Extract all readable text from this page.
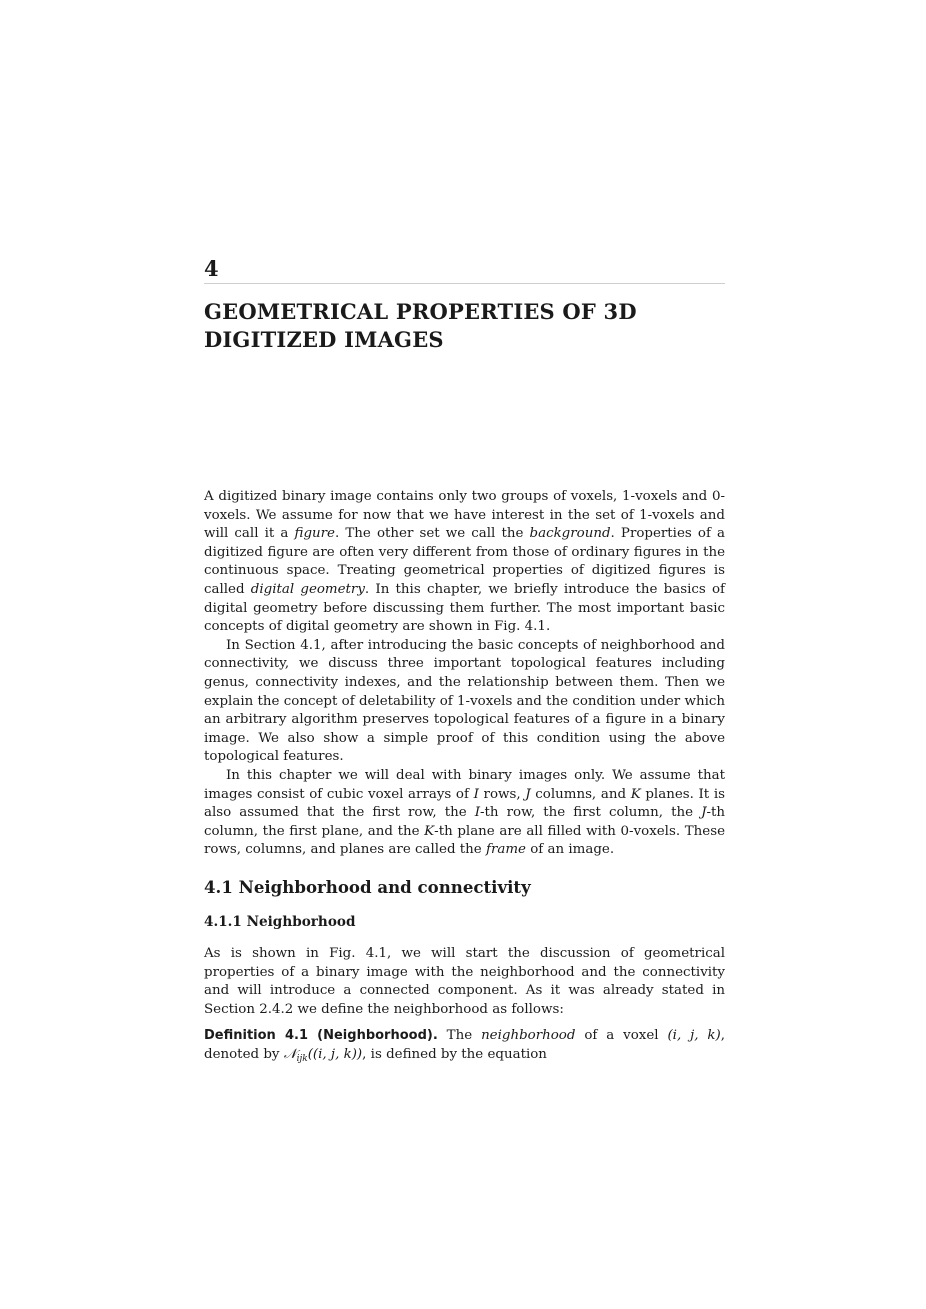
4
GEOMETRICAL PROPERTIES OF 3D
DIGITIZED IMAGES

A digitized binary image contains only two groups of voxels, 1-voxels and 0-voxels. We assume for now that we have interest in the set of 1-voxels and will call it a figure. The other set we call the background. Properties of a digitized figure are often very different from those of ordinary figures in the continuous space. Treating geometrical properties of digitized figures is called digital geometry. In this chapter, we briefly introduce the basics of digital geometry before discussing them further. The most important basic concepts of digital geometry are shown in Fig. 4.1.

In Section 4.1, after introducing the basic concepts of neighborhood and connectivity, we discuss three important topological features including genus, connectivity indexes, and the relationship between them. Then we explain the concept of deletability of 1-voxels and the condition under which an arbitrary algorithm preserves topological features of a figure in a binary image. We also show a simple proof of this condition using the above topological features.

In this chapter we will deal with binary images only. We assume that images consist of cubic voxel arrays of I rows, J columns, and K planes. It is also assumed that the first row, the I-th row, the first column, the J-th column, the first plane, and the K-th plane are all filled with 0-voxels. These rows, columns, and planes are called the frame of an image.

4.1 Neighborhood and connectivity
4.1.1 Neighborhood

As is shown in Fig. 4.1, we will start the discussion of geometrical properties of a binary image with the neighborhood and the connectivity and will introduce a connected component. As it was already stated in Section 2.4.2 we define the neighborhood as follows:

Definition 4.1 (Neighborhood). The neighborhood of a voxel (i, j, k), denoted by 𝒩$_{ijk}$((i, j, k)), is defined by the equation
